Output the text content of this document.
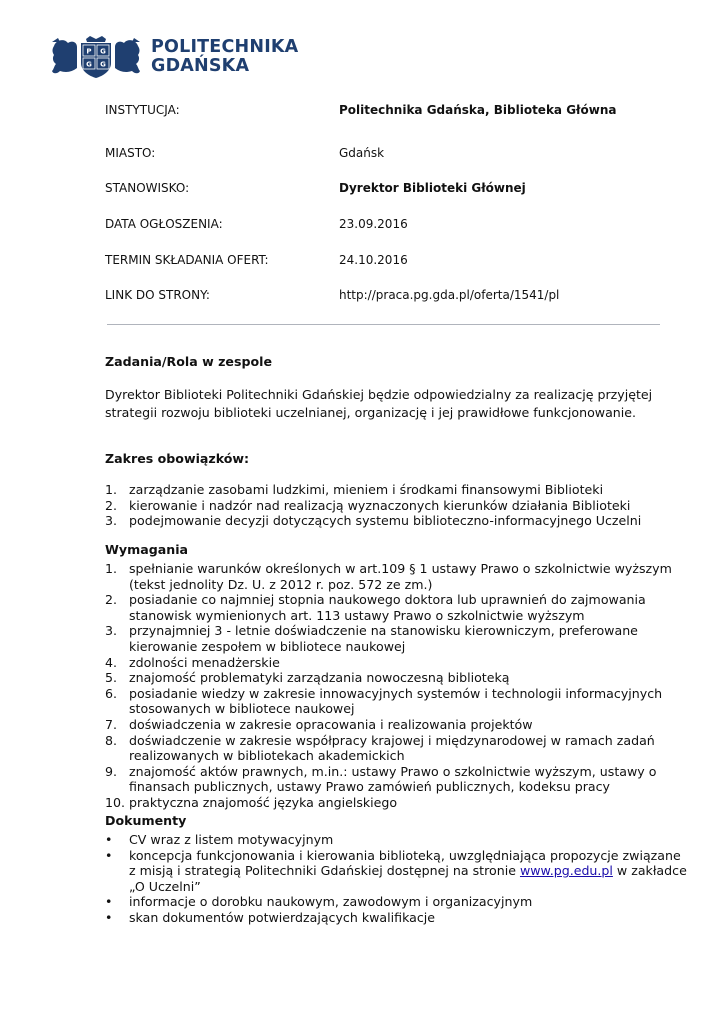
P G
G G
POLITECHNIKA
GDAŃSKA
INSTYTUCJA:	Politechnika Gdańska, Biblioteka Główna
MIASTO:	Gdańsk
STANOWISKO:	Dyrektor Biblioteki Głównej
DATA OGŁOSZENIA:	23.09.2016
TERMIN SKŁADANIA OFERT:	24.10.2016
LINK DO STRONY:	http://praca.pg.gda.pl/oferta/1541/pl
Zadania/Rola w zespole
Dyrektor Biblioteki Politechniki Gdańskiej będzie odpowiedzialny za realizację przyjętej
strategii rozwoju biblioteki uczelnianej, organizację i jej prawidłowe funkcjonowanie.
Zakres obowiązków:
1. zarządzanie zasobami ludzkimi, mieniem i środkami finansowymi Biblioteki
2. kierowanie i nadzór nad realizacją wyznaczonych kierunków działania Biblioteki
3. podejmowanie decyzji dotyczących systemu biblioteczno-informacyjnego Uczelni
Wymagania
1. spełnianie warunków określonych w art.109 § 1 ustawy Prawo o szkolnictwie wyższym
(tekst jednolity Dz. U. z 2012 r. poz. 572 ze zm.)
2. posiadanie co najmniej stopnia naukowego doktora lub uprawnień do zajmowania
stanowisk wymienionych art. 113 ustawy Prawo o szkolnictwie wyższym
3. przynajmniej 3 - letnie doświadczenie na stanowisku kierowniczym, preferowane
kierowanie zespołem w bibliotece naukowej
4. zdolności menadżerskie
5. znajomość problematyki zarządzania nowoczesną biblioteką
6. posiadanie wiedzy w zakresie innowacyjnych systemów i technologii informacyjnych
stosowanych w bibliotece naukowej
7. doświadczenia w zakresie opracowania i realizowania projektów
8. doświadczenie w zakresie współpracy krajowej i międzynarodowej w ramach zadań
realizowanych w bibliotekach akademickich
9. znajomość aktów prawnych, m.in.: ustawy Prawo o szkolnictwie wyższym, ustawy o
finansach publicznych, ustawy Prawo zamówień publicznych, kodeksu pracy
10. praktyczna znajomość języka angielskiego
Dokumenty
• CV wraz z listem motywacyjnym
• koncepcja funkcjonowania i kierowania biblioteką, uwzględniająca propozycje związane
z misją i strategią Politechniki Gdańskiej dostępnej na stronie www.pg.edu.pl w zakładce
„O Uczelni”
• informacje o dorobku naukowym, zawodowym i organizacyjnym
• skan dokumentów potwierdzających kwalifikacje
